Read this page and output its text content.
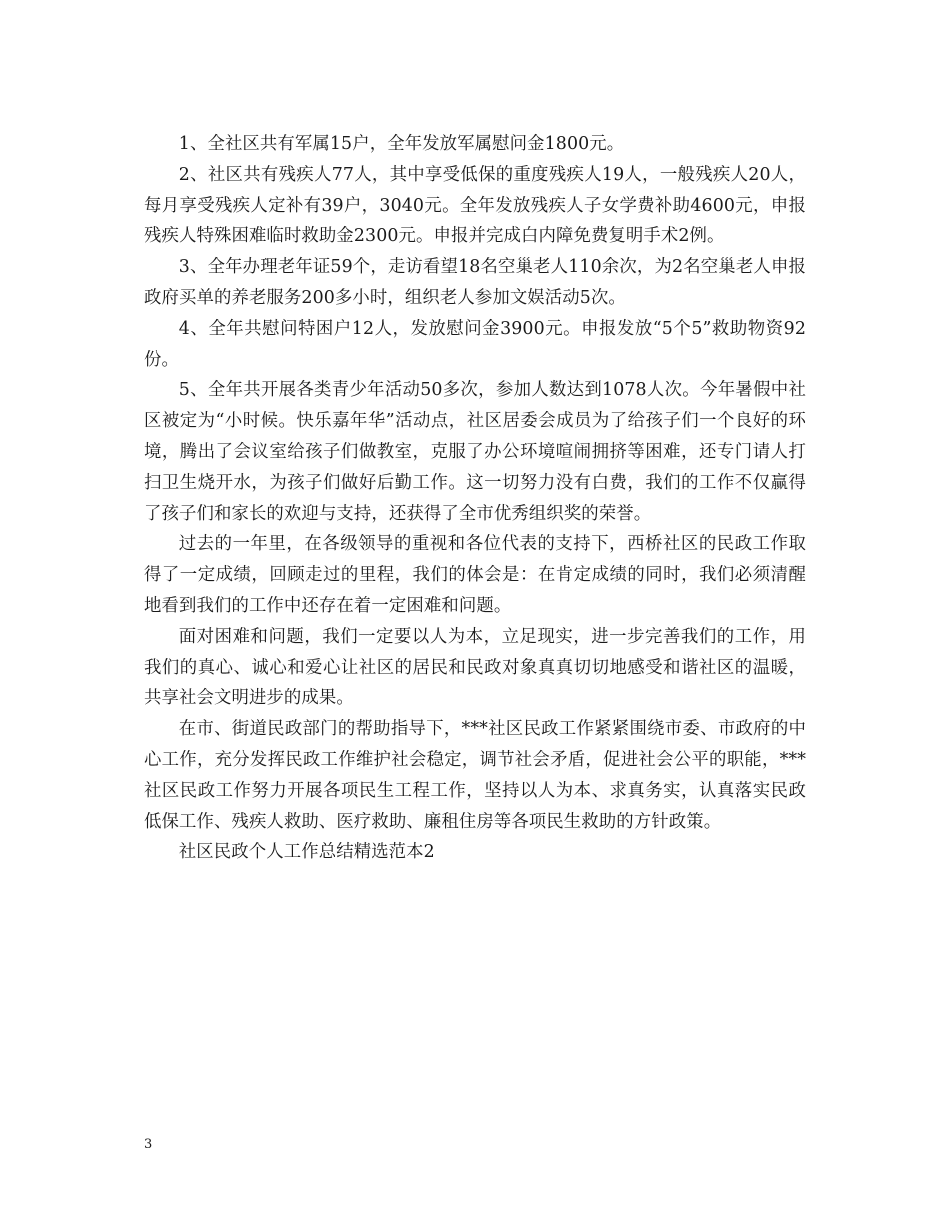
1、全社区共有军属15户，全年发放军属慰问金1800元。

2、社区共有残疾人77人，其中享受低保的重度残疾人19人，一般残疾人20人，每月享受残疾人定补有39户，3040元。全年发放残疾人子女学费补助4600元，申报残疾人特殊困难临时救助金2300元。申报并完成白内障免费复明手术2例。

3、全年办理老年证59个，走访看望18名空巢老人110余次，为2名空巢老人申报政府买单的养老服务200多小时，组织老人参加文娱活动5次。

4、全年共慰问特困户12人，发放慰问金3900元。申报发放“5个5”救助物资92份。

5、全年共开展各类青少年活动50多次，参加人数达到1078人次。今年暑假中社区被定为“小时候。快乐嘉年华”活动点，社区居委会成员为了给孩子们一个良好的环境，腾出了会议室给孩子们做教室，克服了办公环境喧闹拥挤等困难，还专门请人打扫卫生烧开水，为孩子们做好后勤工作。这一切努力没有白费，我们的工作不仅赢得了孩子们和家长的欢迎与支持，还获得了全市优秀组织奖的荣誉。

过去的一年里，在各级领导的重视和各位代表的支持下，西桥社区的民政工作取得了一定成绩，回顾走过的里程，我们的体会是：在肯定成绩的同时，我们必须清醒地看到我们的工作中还存在着一定困难和问题。

面对困难和问题，我们一定要以人为本，立足现实，进一步完善我们的工作，用我们的真心、诚心和爱心让社区的居民和民政对象真真切切地感受和谐社区的温暖，共享社会文明进步的成果。

在市、街道民政部门的帮助指导下，***社区民政工作紧紧围绕市委、市政府的中心工作，充分发挥民政工作维护社会稳定，调节社会矛盾，促进社会公平的职能，***社区民政工作努力开展各项民生工程工作，坚持以人为本、求真务实，认真落实民政低保工作、残疾人救助、医疗救助、廉租住房等各项民生救助的方针政策。

社区民政个人工作总结精选范本2

3
